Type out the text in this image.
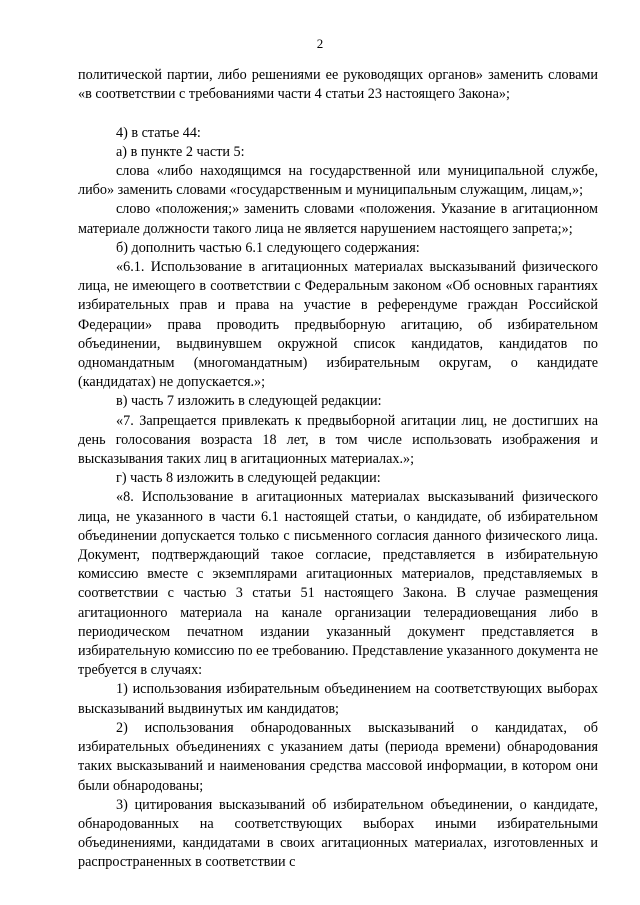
2

политической партии, либо решениями ее руководящих органов» заменить словами «в соответствии с требованиями части 4 статьи 23 настоящего Закона»;

4) в статье 44:

а) в пункте 2 части 5:

слова «либо находящимся на государственной или муниципальной службе, либо» заменить словами «государственным и муниципальным служащим, лицам,»;

слово «положения;» заменить словами «положения. Указание в агитационном материале должности такого лица не является нарушением настоящего запрета;»;

б) дополнить частью 6.1 следующего содержания:

«6.1. Использование в агитационных материалах высказываний физического лица, не имеющего в соответствии с Федеральным законом «Об основных гарантиях избирательных прав и права на участие в референдуме граждан Российской Федерации» права проводить предвыборную агитацию, об избирательном объединении, выдвинувшем окружной список кандидатов, кандидатов по одномандатным (многомандатным) избирательным округам, о кандидате (кандидатах) не допускается.»;

в) часть 7 изложить в следующей редакции:

«7. Запрещается привлекать к предвыборной агитации лиц, не достигших на день голосования возраста 18 лет, в том числе использовать изображения и высказывания таких лиц в агитационных материалах.»;

г) часть 8 изложить в следующей редакции:

«8. Использование в агитационных материалах высказываний физического лица, не указанного в части 6.1 настоящей статьи, о кандидате, об избирательном объединении допускается только с письменного согласия данного физического лица. Документ, подтверждающий такое согласие, представляется в избирательную комиссию вместе с экземплярами агитационных материалов, представляемых в соответствии с частью 3 статьи 51 настоящего Закона. В случае размещения агитационного материала на канале организации телерадиовещания либо в периодическом печатном издании указанный документ представляется в избирательную комиссию по ее требованию. Представление указанного документа не требуется в случаях:

1) использования избирательным объединением на соответствующих выборах высказываний выдвинутых им кандидатов;

2) использования обнародованных высказываний о кандидатах, об избирательных объединениях с указанием даты (периода времени) обнародования таких высказываний и наименования средства массовой информации, в котором они были обнародованы;

3) цитирования высказываний об избирательном объединении, о кандидате, обнародованных на соответствующих выборах иными избирательными объединениями, кандидатами в своих агитационных материалах, изготовленных и распространенных в соответствии с
